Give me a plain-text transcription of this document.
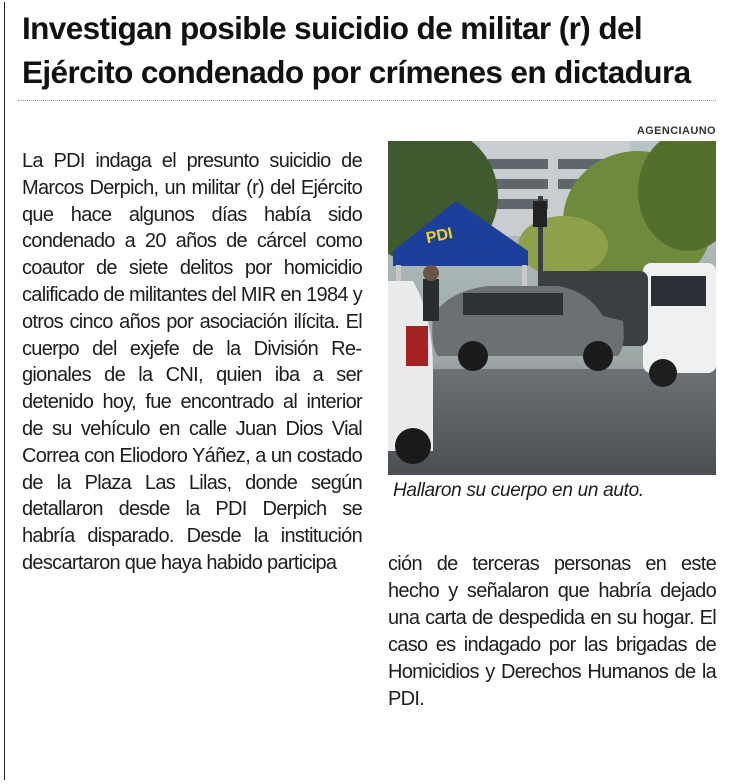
Investigan posible suicidio de militar (r) del Ejército condenado por crímenes en dictadura
La PDI indaga el presunto suicidio de Marcos Derpich, un militar (r) del Ejército que hace algunos días había sido condenado a 20 años de cárcel como coautor de siete delitos por homicidio calificado de militantes del MIR en 1984 y otros cinco años por asociación ilícita. El cuerpo del exjefe de la División Regionales de la CNI, quien iba a ser detenido hoy, fue encontrado al interior de su vehículo en calle Juan Dios Vial Correa con Eliodoro Yáñez, a un costado de la Plaza Las Lilas, donde según detallaron desde la PDI Derpich se habría disparado. Desde la institución descartaron que haya habido participa
AGENCIAUNO
PDI
Hallaron su cuerpo en un auto.
ción de terceras personas en este hecho y señalaron que habría dejado una carta de despedida en su hogar. El caso es indagado por las brigadas de Homicidios y Derechos Humanos de la PDI.
